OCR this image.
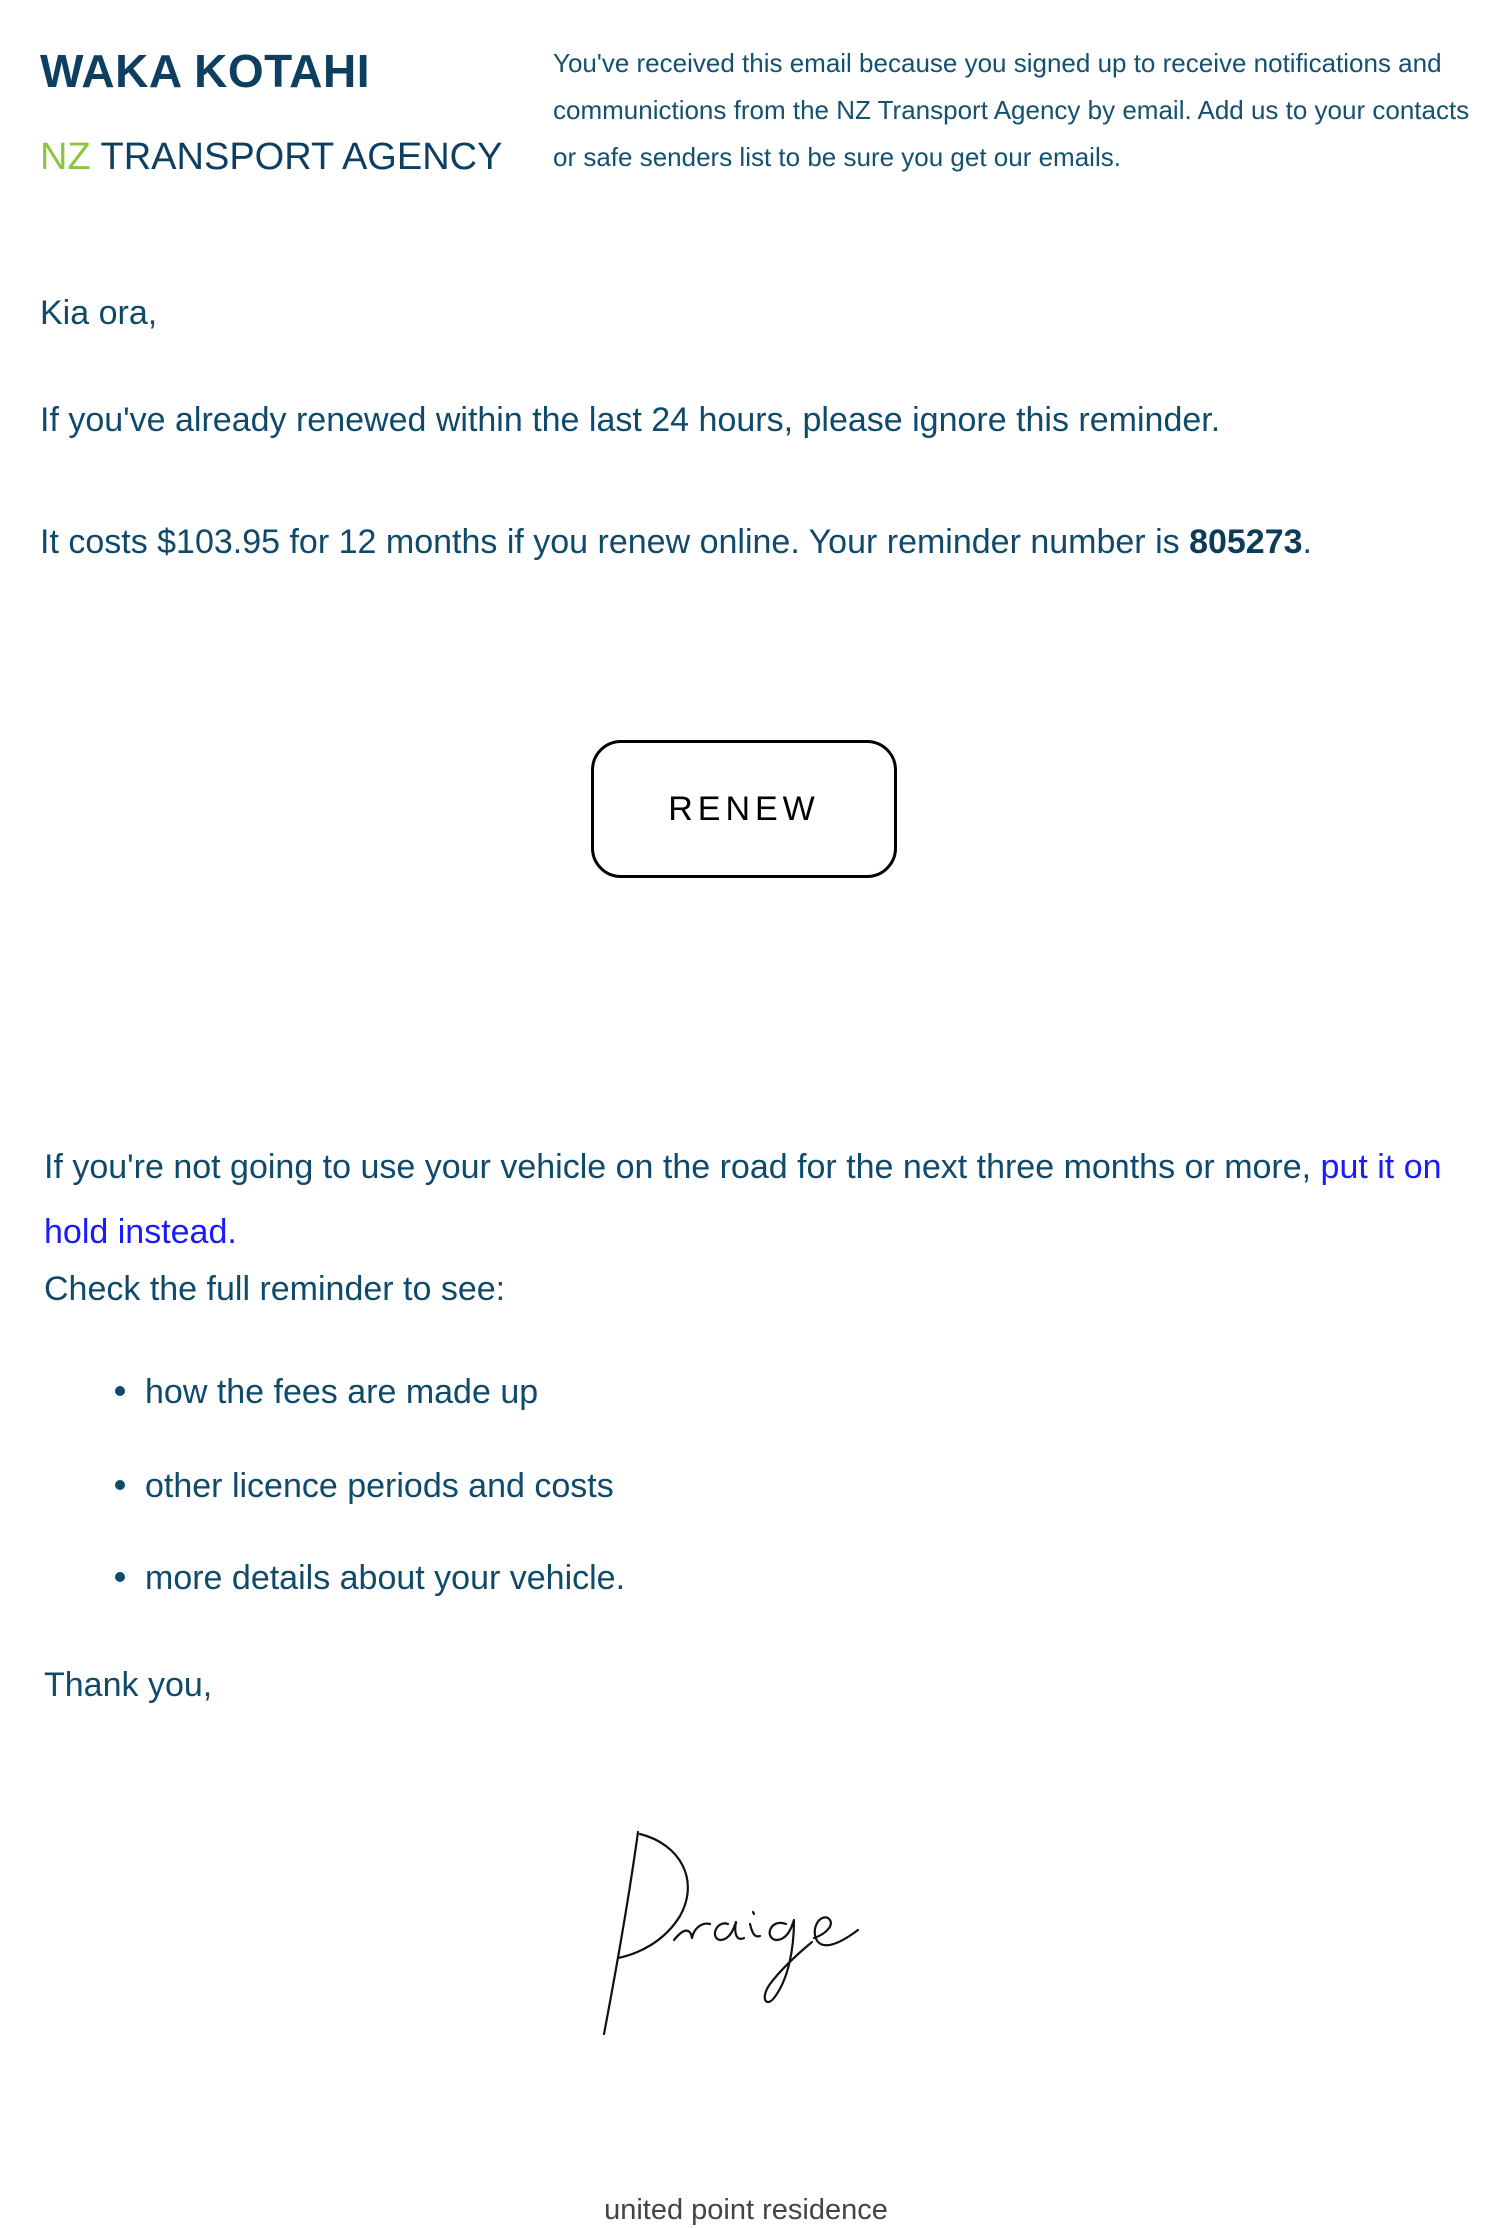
WAKA KOTAHI
NZ TRANSPORT AGENCY
You've received this email because you signed up to receive notifications and communictions from the NZ Transport Agency by email. Add us to your contacts or safe senders list to be sure you get our emails.
Kia ora,
If you've already renewed within the last 24 hours, please ignore this reminder.
It costs $103.95 for 12 months if you renew online. Your reminder number is 805273.
RENEW
If you're not going to use your vehicle on the road for the next three months or more, put it on hold instead.
Check the full reminder to see:
how the fees are made up
other licence periods and costs
more details about your vehicle.
Thank you,
united point residence
